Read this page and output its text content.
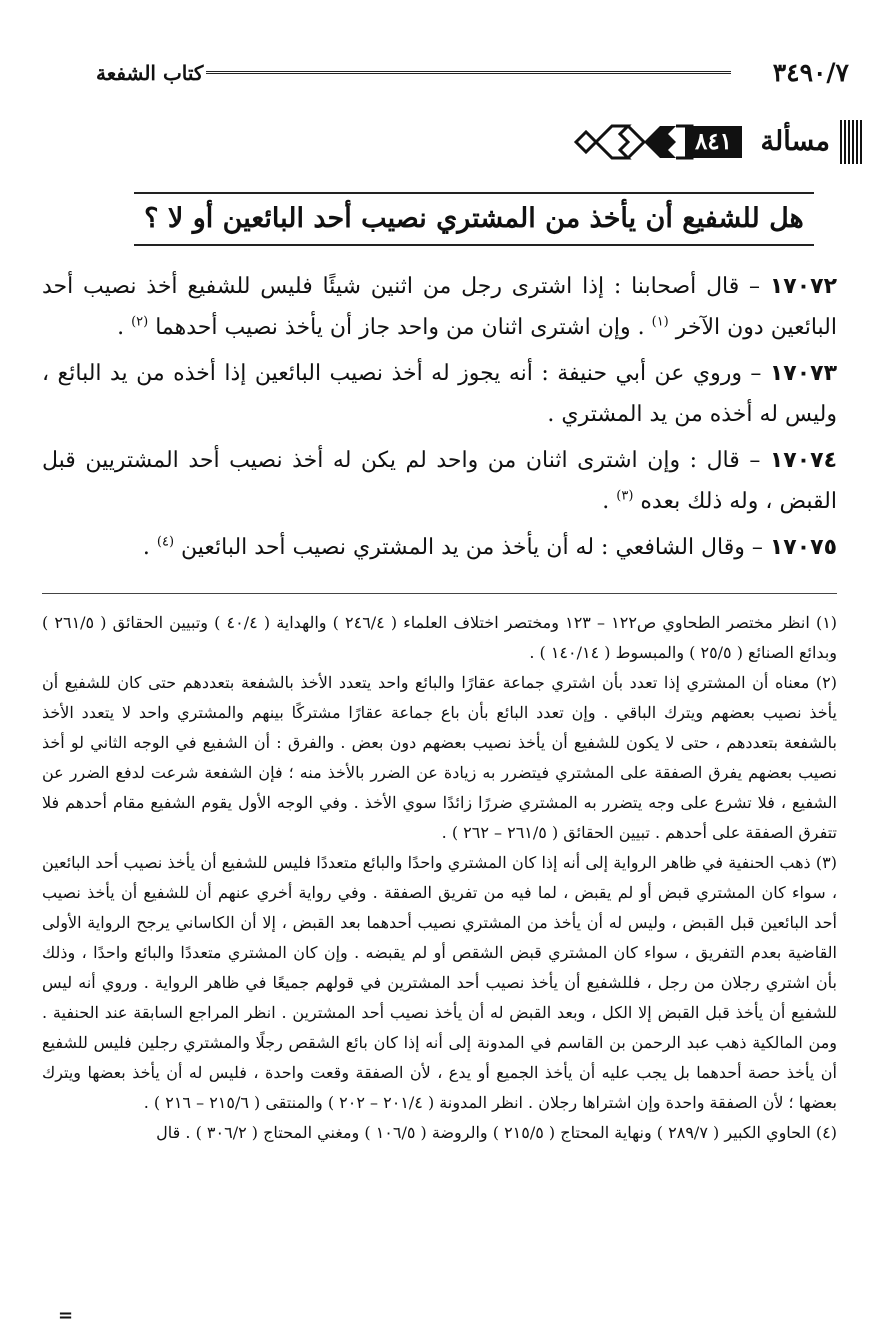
٣٤٩٠/٧
كتاب الشفعة
مسألة
٨٤١
هل للشفيع أن يأخذ من المشتري نصيب أحد البائعين أو لا ؟

١٧٠٧٢ – قال أصحابنا : إذا اشترى رجل من اثنين شيئًا فليس للشفيع أخذ نصيب أحد البائعين دون الآخر $^{(١)}$ . وإن اشترى اثنان من واحد جاز أن يأخذ نصيب أحدهما $^{(٢)}$ .

١٧٠٧٣ – وروي عن أبي حنيفة : أنه يجوز له أخذ نصيب البائعين إذا أخذه من يد البائع ، وليس له أخذه من يد المشتري .

١٧٠٧٤ – قال : وإن اشترى اثنان من واحد لم يكن له أخذ نصيب أحد المشتريين قبل القبض ، وله ذلك بعده $^{(٣)}$ .

١٧٠٧٥ – وقال الشافعي : له أن يأخذ من يد المشتري نصيب أحد البائعين $^{(٤)}$ .

(١) انظر مختصر الطحاوي ص١٢٢ – ١٢٣ ومختصر اختلاف العلماء ( ٢٤٦/٤ ) والهداية ( ٤٠/٤ ) وتبيين الحقائق ( ٢٦١/٥ ) وبدائع الصنائع ( ٢٥/٥ ) والمبسوط ( ١٤٠/١٤ ) .

(٢) معناه أن المشتري إذا تعدد بأن اشتري جماعة عقارًا والبائع واحد يتعدد الأخذ بالشفعة بتعددهم حتى كان للشفيع أن يأخذ نصيب بعضهم ويترك الباقي . وإن تعدد البائع بأن باع جماعة عقارًا مشتركًا بينهم والمشتري واحد لا يتعدد الأخذ بالشفعة بتعددهم ، حتى لا يكون للشفيع أن يأخذ نصيب بعضهم دون بعض . والفرق : أن الشفيع في الوجه الثاني لو أخذ نصيب بعضهم يفرق الصفقة على المشتري فيتضرر به زيادة عن الضرر بالأخذ منه ؛ فإن الشفعة شرعت لدفع الضرر عن الشفيع ، فلا تشرع على وجه يتضرر به المشتري ضررًا زائدًا سوي الأخذ . وفي الوجه الأول يقوم الشفيع مقام أحدهم فلا تتفرق الصفقة على أحدهم . تبيين الحقائق ( ٢٦١/٥ – ٢٦٢ ) .

(٣) ذهب الحنفية في ظاهر الرواية إلى أنه إذا كان المشتري واحدًا والبائع متعددًا فليس للشفيع أن يأخذ نصيب أحد البائعين ، سواء كان المشتري قبض أو لم يقبض ، لما فيه من تفريق الصفقة . وفي رواية أخري عنهم أن للشفيع أن يأخذ نصيب أحد البائعين قبل القبض ، وليس له أن يأخذ من المشتري نصيب أحدهما بعد القبض ، إلا أن الكاساني يرجح الرواية الأولى القاضية بعدم التفريق ، سواء كان المشتري قبض الشقص أو لم يقبضه . وإن كان المشتري متعددًا والبائع واحدًا ، وذلك بأن اشتري رجلان من رجل ، فللشفيع أن يأخذ نصيب أحد المشترين في قولهم جميعًا في ظاهر الرواية . وروي أنه ليس للشفيع أن يأخذ قبل القبض إلا الكل ، وبعد القبض له أن يأخذ نصيب أحد المشترين . انظر المراجع السابقة عند الحنفية . ومن المالكية ذهب عبد الرحمن بن القاسم في المدونة إلى أنه إذا كان بائع الشقص رجلًا والمشتري رجلين فليس للشفيع أن يأخذ حصة أحدهما بل يجب عليه أن يأخذ الجميع أو يدع ، لأن الصفقة وقعت واحدة ، فليس له أن يأخذ بعضها ويترك بعضها ؛ لأن الصفقة واحدة وإن اشتراها رجلان . انظر المدونة ( ٢٠١/٤ – ٢٠٢ ) والمنتقى ( ٢١٥/٦ – ٢١٦ ) .

(٤) الحاوي الكبير ( ٢٨٩/٧ ) ونهاية المحتاج ( ٢١٥/٥ ) والروضة ( ١٠٦/٥ ) ومغني المحتاج ( ٣٠٦/٢ ) . قال

=
